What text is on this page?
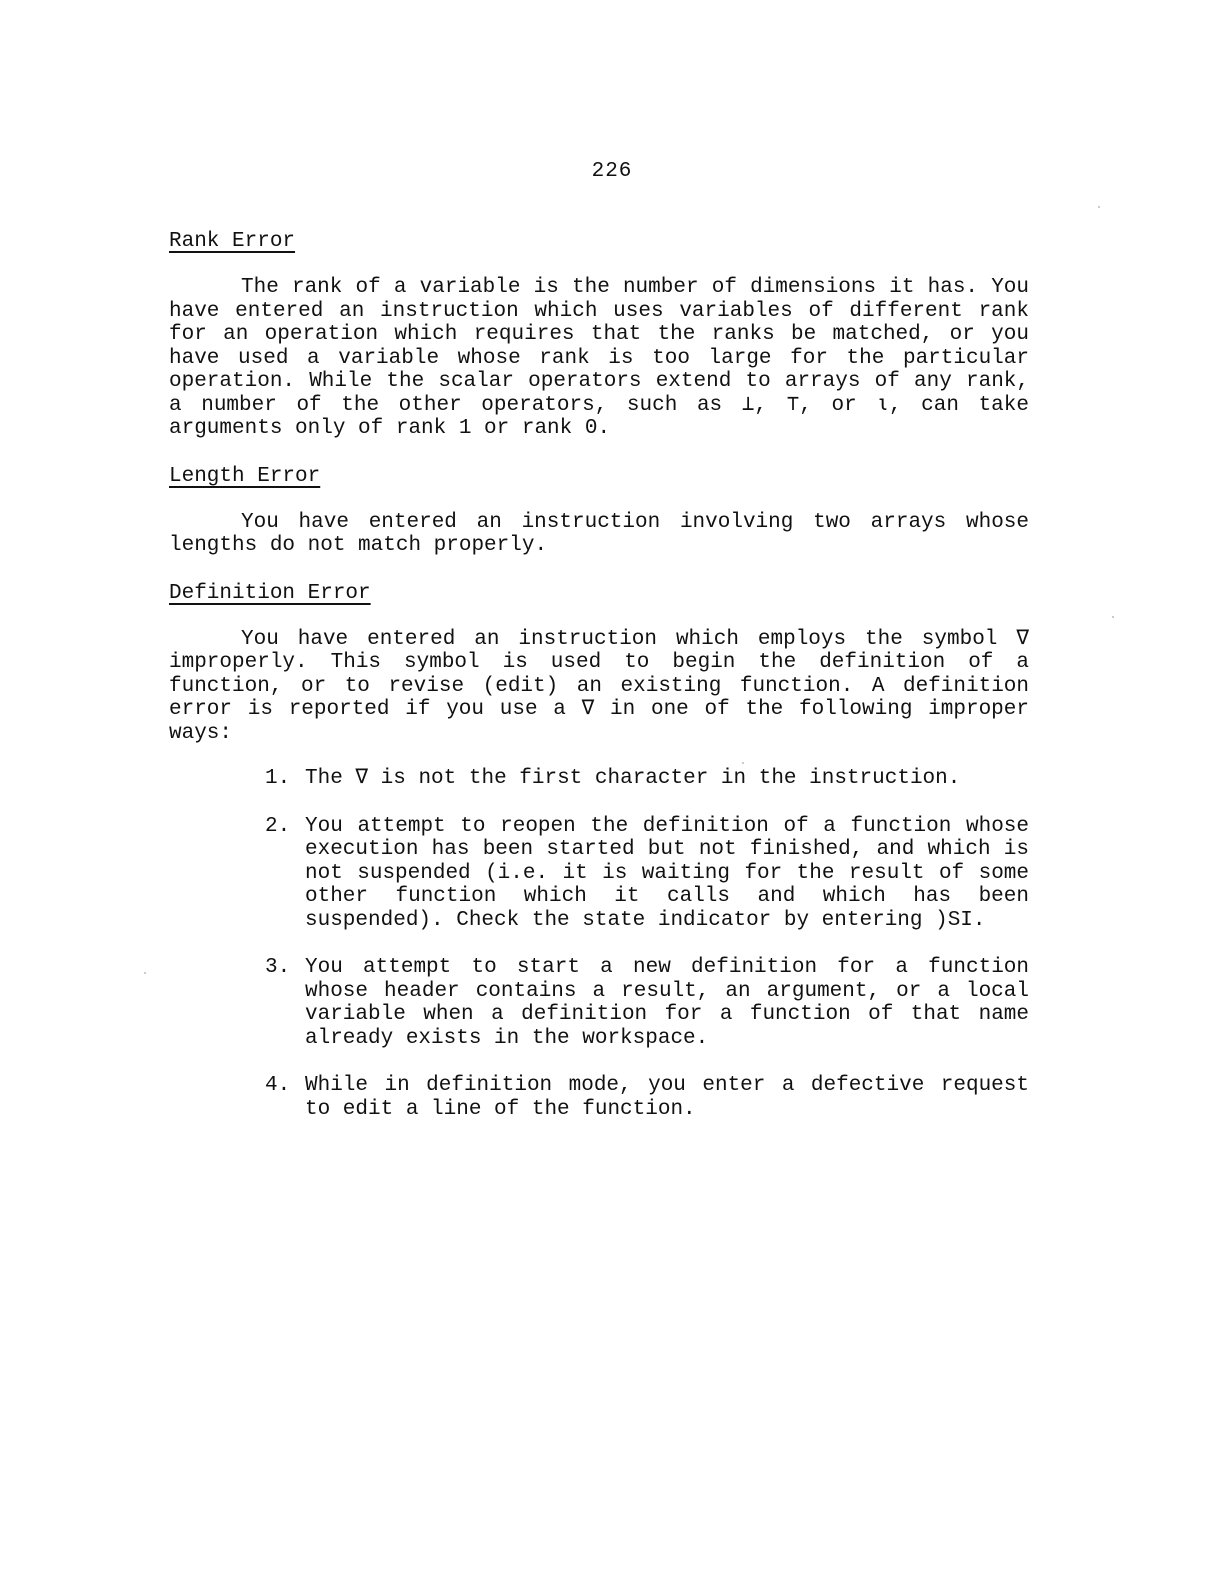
226
Rank Error

The rank of a variable is the number of dimensions it has. You have entered an instruction which uses variables of different rank for an operation which requires that the ranks be matched, or you have used a variable whose rank is too large for the particular operation. While the scalar operators extend to arrays of any rank, a number of the other operators, such as ⊥, ⊤, or ⍳, can take arguments only of rank 1 or rank 0.

Length Error

You have entered an instruction involving two arrays whose lengths do not match properly.

Definition Error

You have entered an instruction which employs the symbol ∇ improperly. This symbol is used to begin the definition of a function, or to revise (edit) an existing function. A definition error is reported if you use a ∇ in one of the following improper ways:

1. The ∇ is not the first character in the instruction.

2. You attempt to reopen the definition of a function whose execution has been started but not finished, and which is not suspended (i.e. it is waiting for the result of some other function which it calls and which has been suspended). Check the state indicator by entering )SI.

3. You attempt to start a new definition for a function whose header contains a result, an argument, or a local variable when a definition for a function of that name already exists in the workspace.

4. While in definition mode, you enter a defective request to edit a line of the function.
